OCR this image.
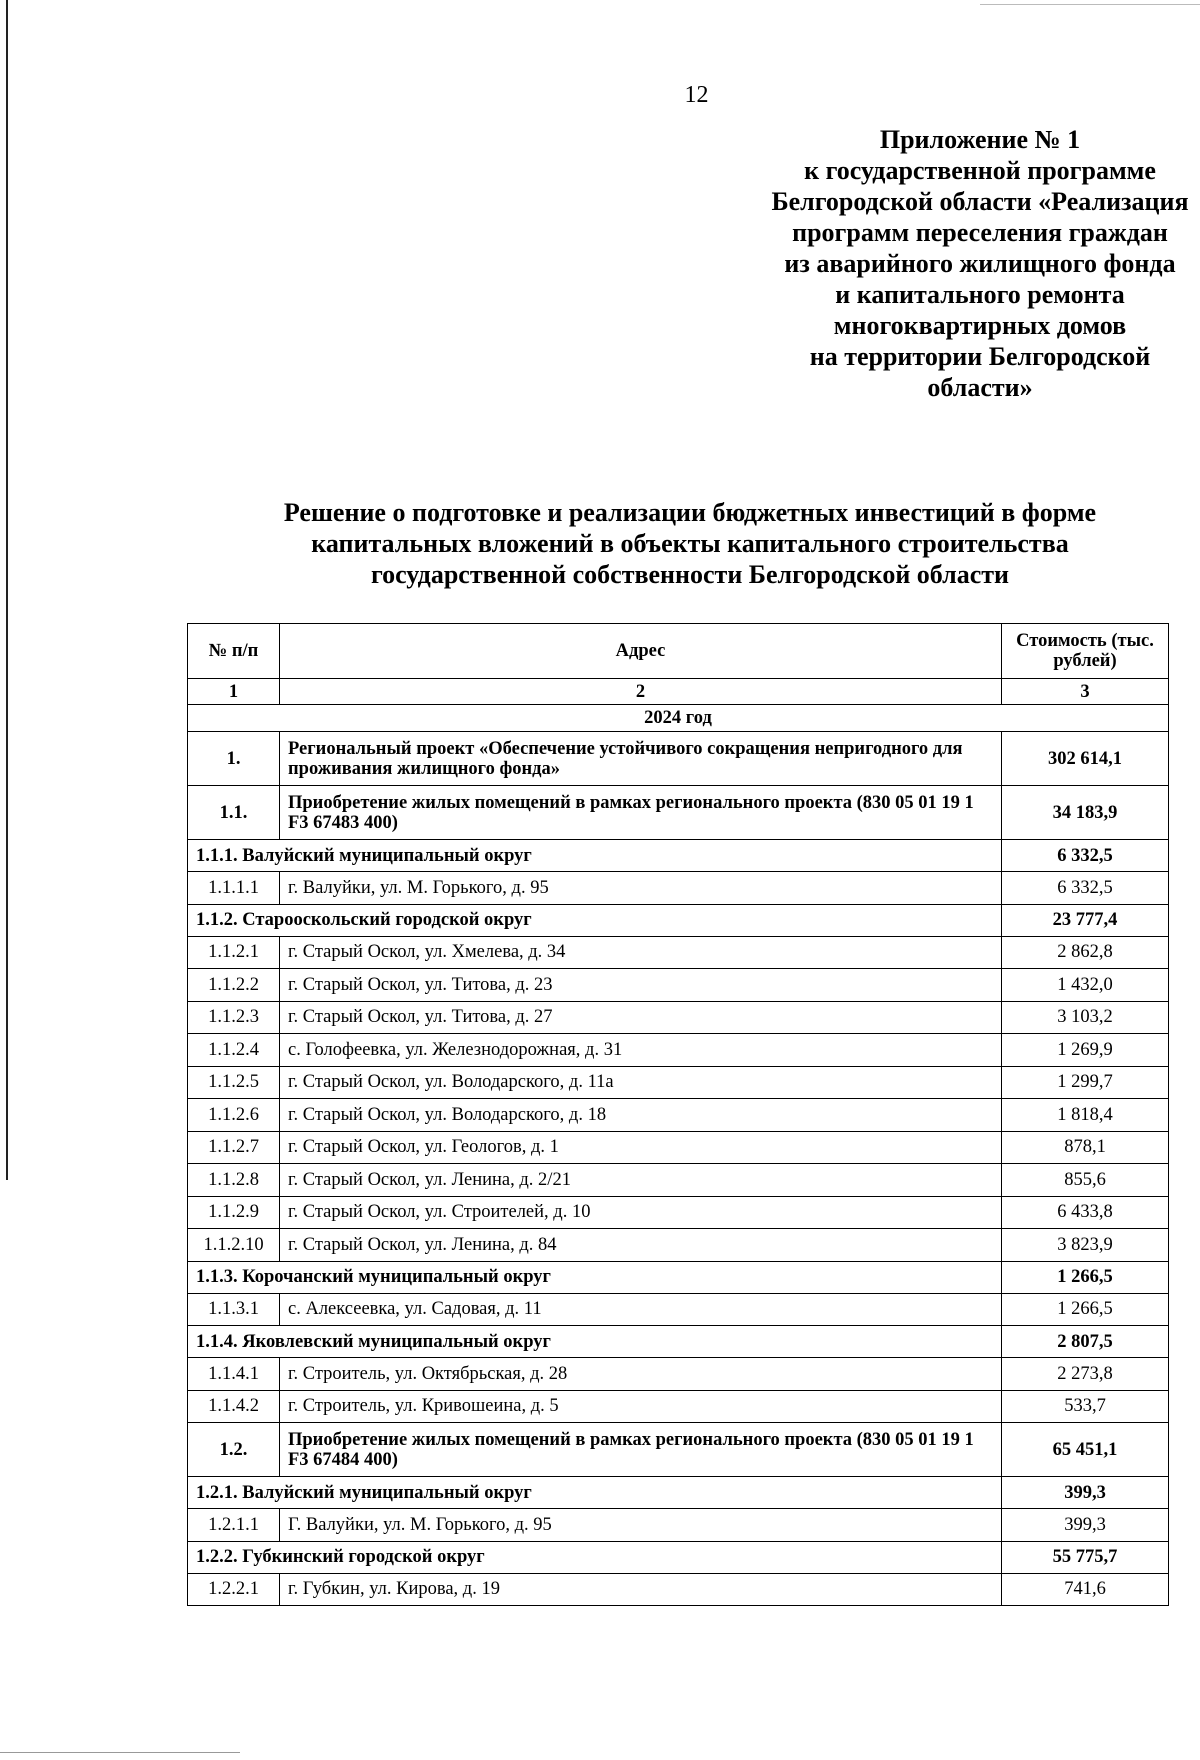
12
Приложение № 1
к государственной программе
Белгородской области «Реализация
программ переселения граждан
из аварийного жилищного фонда
и капитального ремонта
многоквартирных домов
на территории Белгородской
области»
Решение о подготовке и реализации бюджетных инвестиций в форме
капитальных вложений в объекты капитального строительства
государственной собственности Белгородской области
№ п/п	Адрес	Стоимость (тыс. рублей)
1	2	3
2024 год		
1.	Региональный проект «Обеспечение устойчивого сокращения непригодного для проживания жилищного фонда»	302 614,1
1.1.	Приобретение жилых помещений в рамках регионального проекта (830 05 01 19 1 F3 67483 400)	34 183,9
1.1.1. Валуйский муниципальный округ		6 332,5
1.1.1.1	г. Валуйки, ул. М. Горького, д. 95	6 332,5
1.1.2. Старооскольский городской округ		23 777,4
1.1.2.1	г. Старый Оскол, ул. Хмелева, д. 34	2 862,8
1.1.2.2	г. Старый Оскол, ул. Титова, д. 23	1 432,0
1.1.2.3	г. Старый Оскол, ул. Титова, д. 27	3 103,2
1.1.2.4	с. Голофеевка, ул. Железнодорожная, д. 31	1 269,9
1.1.2.5	г. Старый Оскол, ул. Володарского, д. 11а	1 299,7
1.1.2.6	г. Старый Оскол, ул. Володарского, д. 18	1 818,4
1.1.2.7	г. Старый Оскол, ул. Геологов, д. 1	878,1
1.1.2.8	г. Старый Оскол, ул. Ленина, д. 2/21	855,6
1.1.2.9	г. Старый Оскол, ул. Строителей, д. 10	6 433,8
1.1.2.10	г. Старый Оскол, ул. Ленина, д. 84	3 823,9
1.1.3. Корочанский муниципальный округ		1 266,5
1.1.3.1	с. Алексеевка, ул. Садовая, д. 11	1 266,5
1.1.4. Яковлевский муниципальный округ		2 807,5
1.1.4.1	г. Строитель, ул. Октябрьская, д. 28	2 273,8
1.1.4.2	г. Строитель, ул. Кривошеина, д. 5	533,7
1.2.	Приобретение жилых помещений в рамках регионального проекта (830 05 01 19 1 F3 67484 400)	65 451,1
1.2.1. Валуйский муниципальный округ		399,3
1.2.1.1	Г. Валуйки, ул. М. Горького, д. 95	399,3
1.2.2. Губкинский городской округ		55 775,7
1.2.2.1	г. Губкин, ул. Кирова, д. 19	741,6
